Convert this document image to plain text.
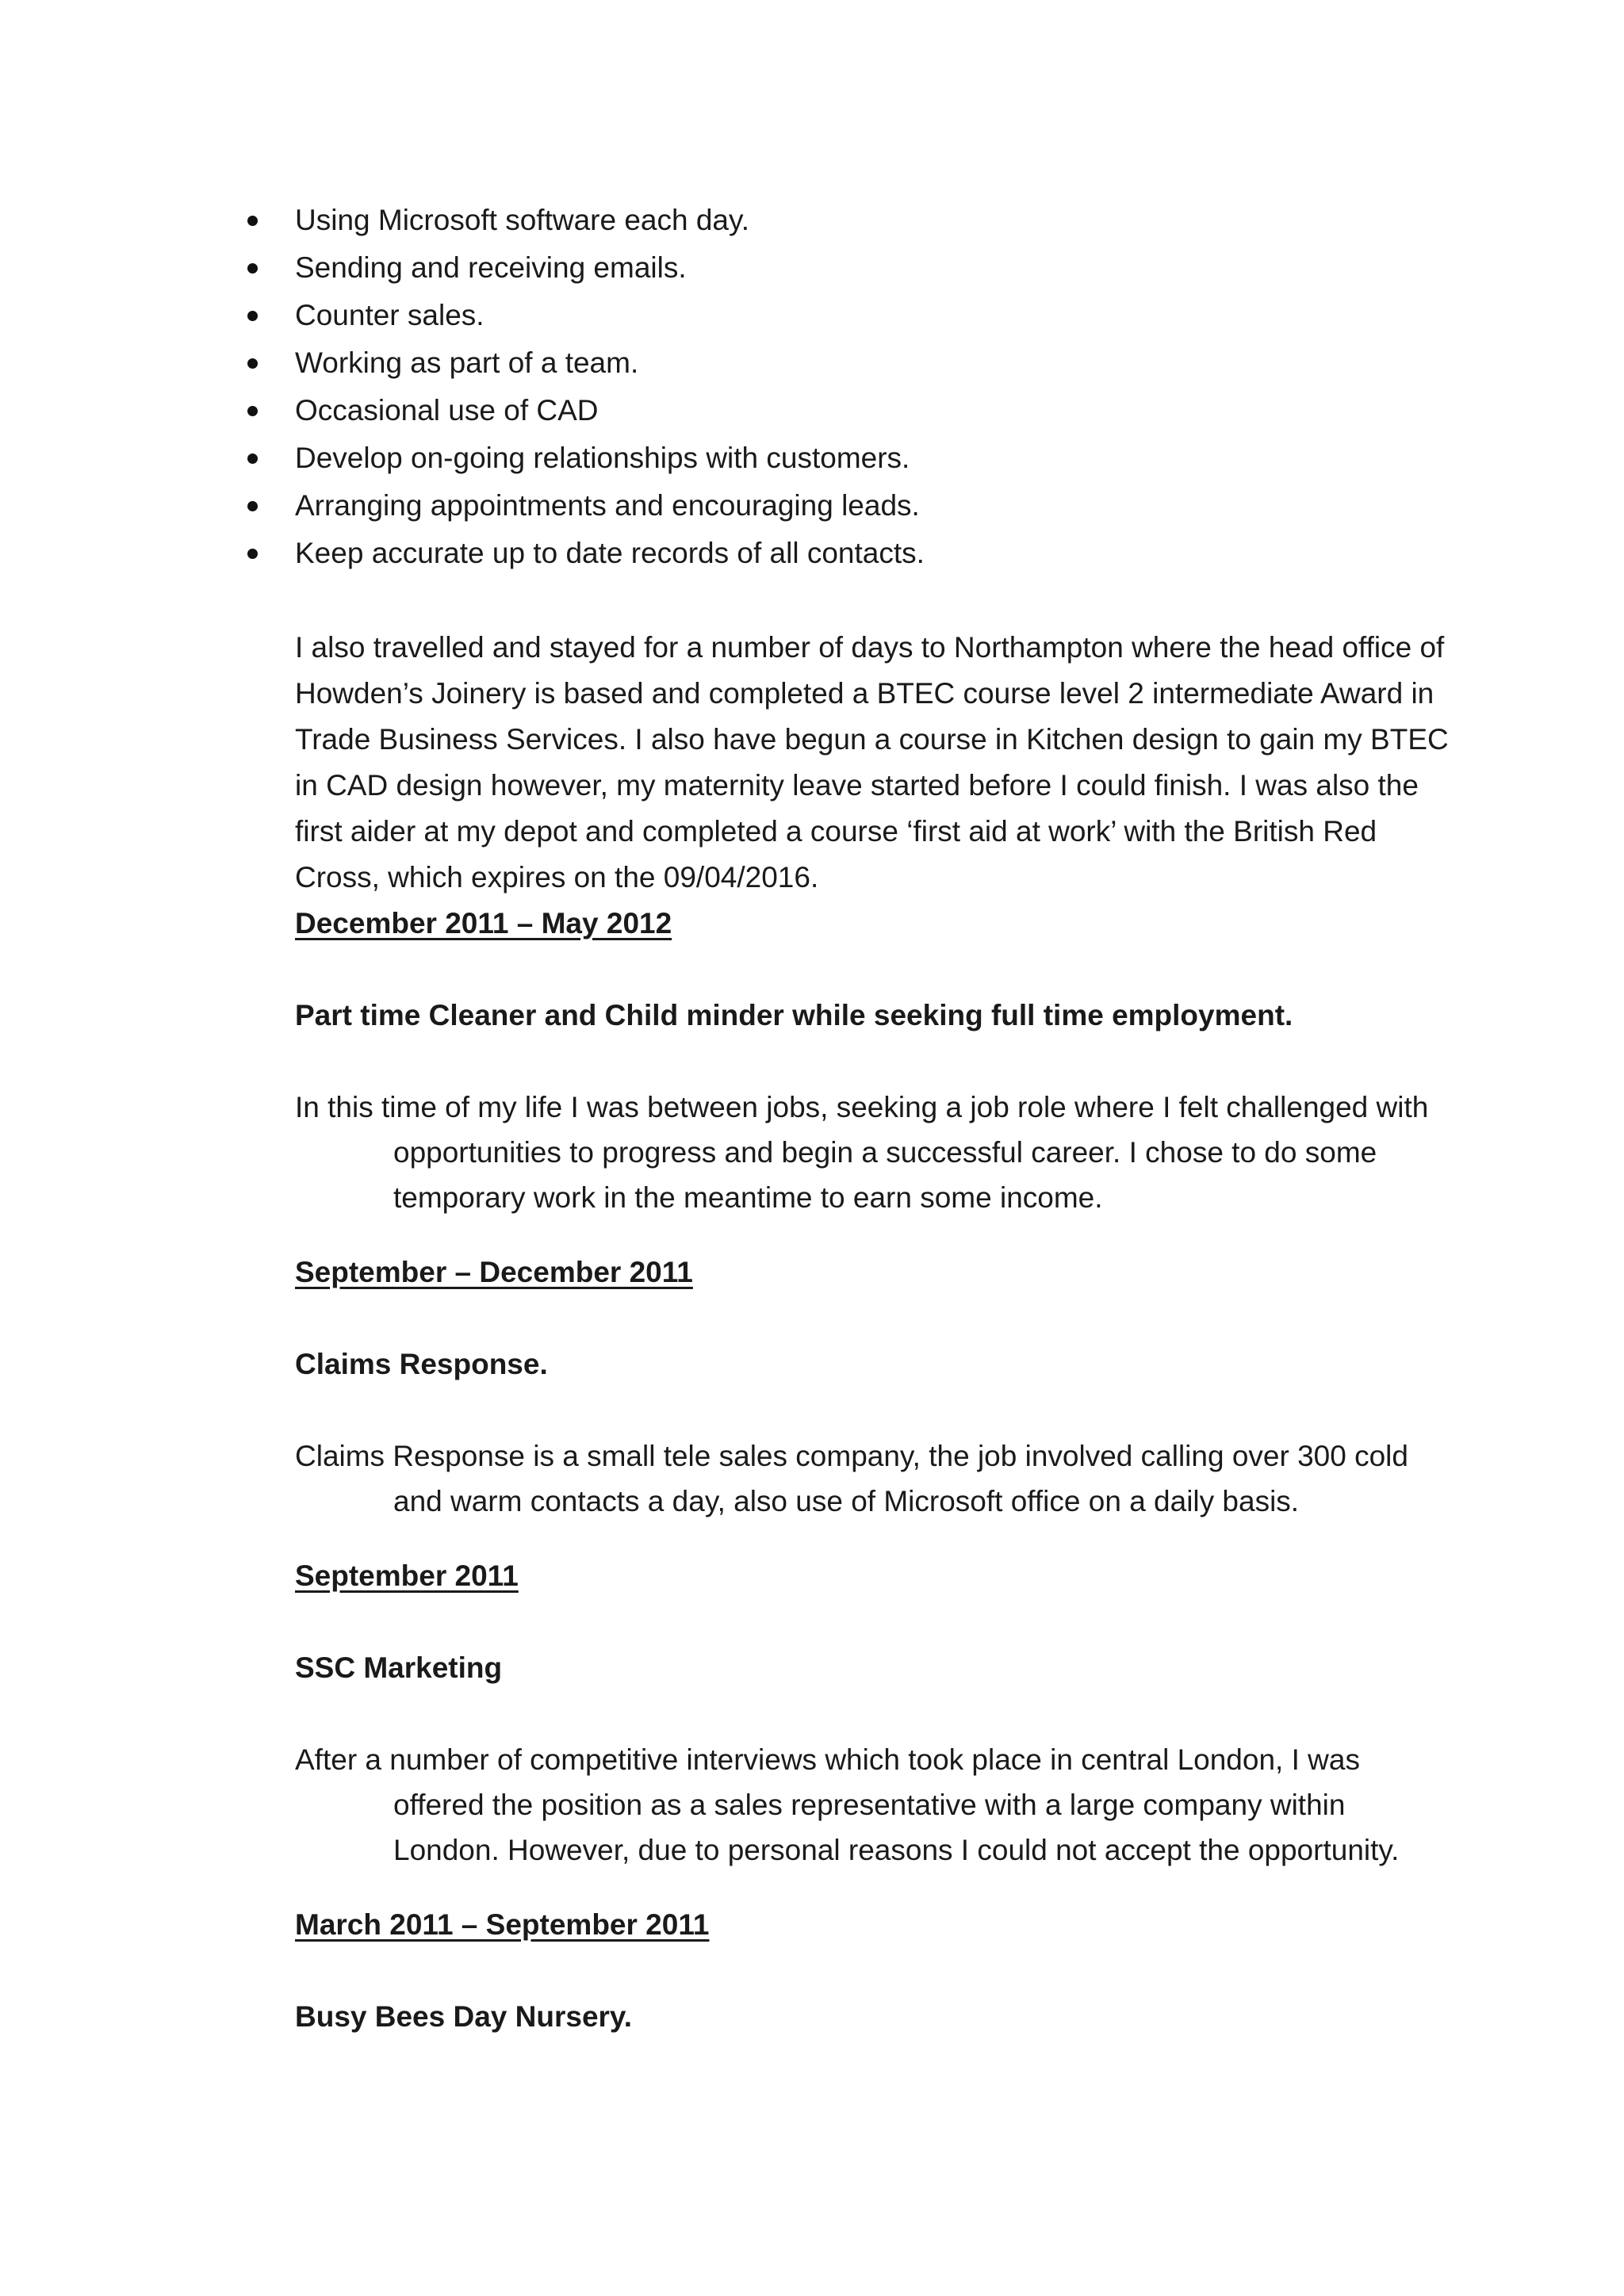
Using Microsoft software each day.
Sending and receiving emails.
Counter sales.
Working as part of a team.
Occasional use of CAD
Develop on-going relationships with customers.
Arranging appointments and encouraging leads.
Keep accurate up to date records of all contacts.

I also travelled and stayed for a number of days to Northampton where the head office of Howden’s Joinery is based and completed a BTEC course level 2 intermediate Award in Trade Business Services. I also have begun a course in Kitchen design to gain my BTEC in CAD design however, my maternity leave started before I could finish. I was also the first aider at my depot and completed a course ‘first aid at work’ with the British Red Cross, which expires on the 09/04/2016.

December 2011 – May 2012
Part time Cleaner and Child minder while seeking full time employment.

In this time of my life I was between jobs, seeking a job role where I felt challenged with opportunities to progress and begin a successful career. I chose to do some temporary work in the meantime to earn some income.

September – December 2011
Claims Response.

Claims Response is a small tele sales company, the job involved calling over 300 cold and warm contacts a day, also use of Microsoft office on a daily basis.

September 2011
SSC Marketing

After a number of competitive interviews which took place in central London, I was offered the position as a sales representative with a large company within London. However, due to personal reasons I could not accept the opportunity.

March 2011 – September 2011
Busy Bees Day Nursery.
